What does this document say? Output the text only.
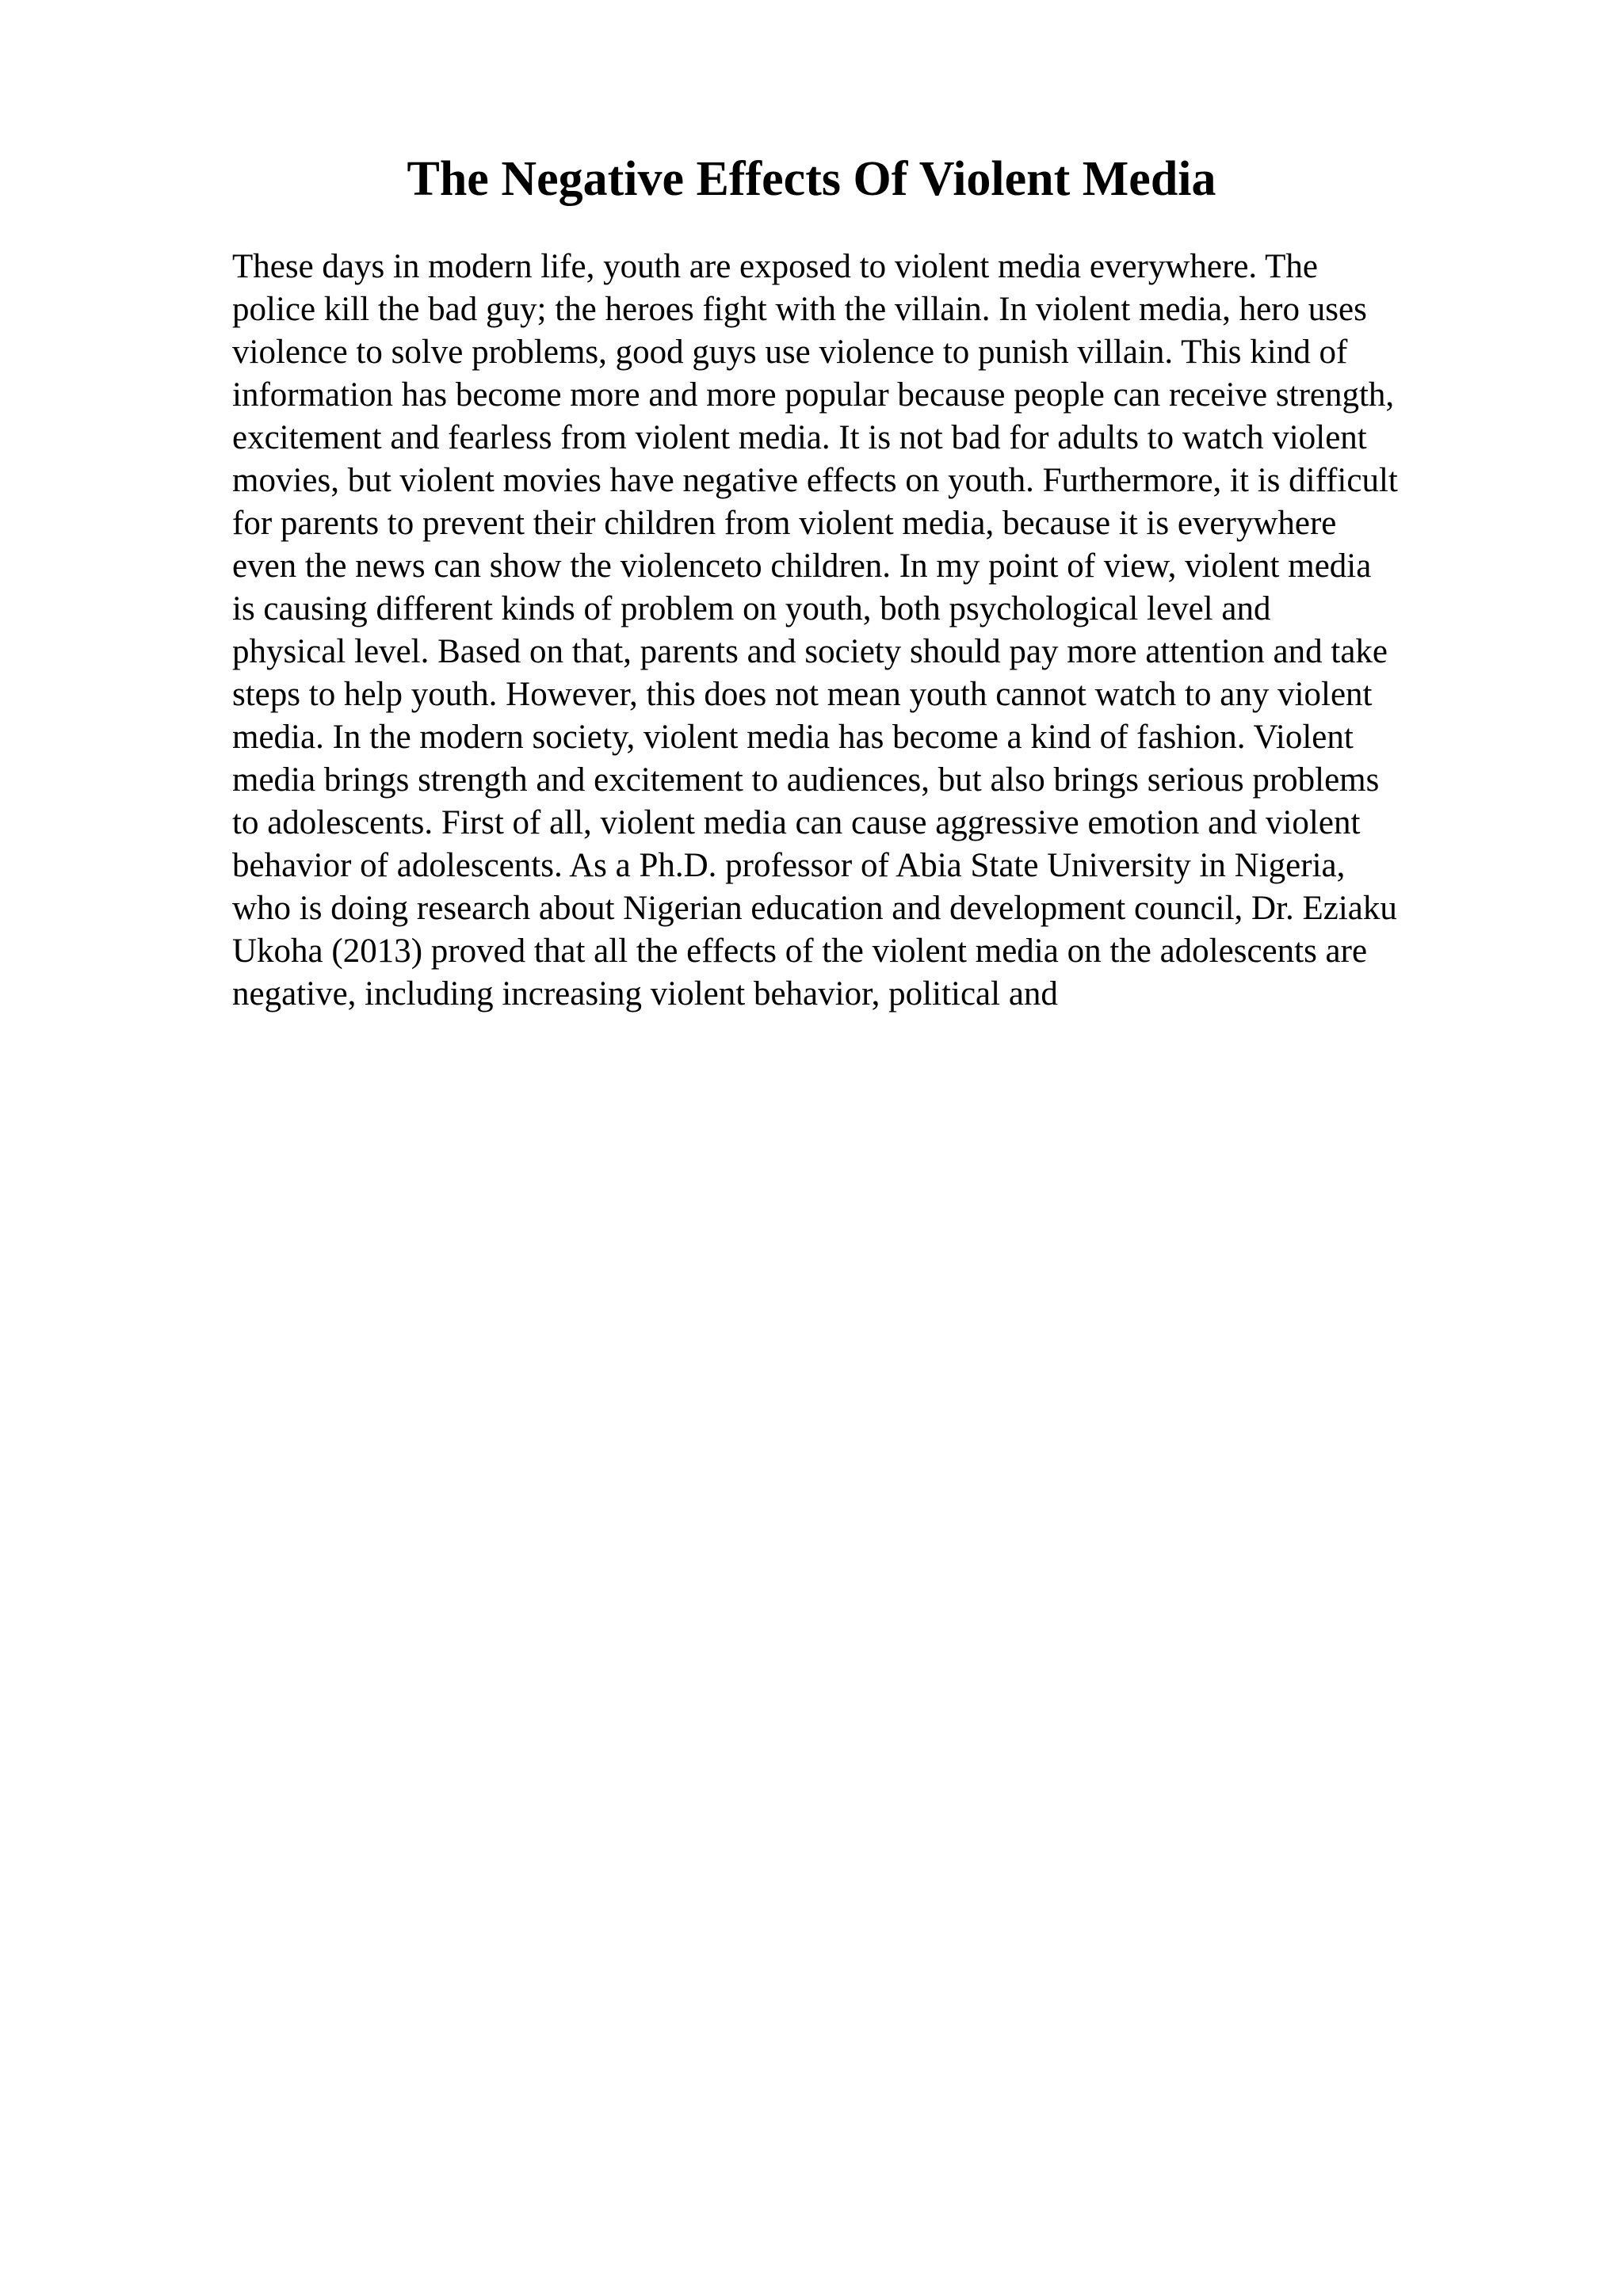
The Negative Effects Of Violent Media
These days in modern life, youth are exposed to violent media everywhere. The
police kill the bad guy; the heroes fight with the villain. In violent media, hero uses
violence to solve problems, good guys use violence to punish villain. This kind of
information has become more and more popular because people can receive strength,
excitement and fearless from violent media. It is not bad for adults to watch violent
movies, but violent movies have negative effects on youth. Furthermore, it is difficult
for parents to prevent their children from violent media, because it is everywhere
even the news can show the violenceto children. In my point of view, violent media
is causing different kinds of problem on youth, both psychological level and
physical level. Based on that, parents and society should pay more attention and take
steps to help youth. However, this does not mean youth cannot watch to any violent
media. In the modern society, violent media has become a kind of fashion. Violent
media brings strength and excitement to audiences, but also brings serious problems
to adolescents. First of all, violent media can cause aggressive emotion and violent
behavior of adolescents. As a Ph.D. professor of Abia State University in Nigeria,
who is doing research about Nigerian education and development council, Dr. Eziaku
Ukoha (2013) proved that all the effects of the violent media on the adolescents are
negative, including increasing violent behavior, political and
